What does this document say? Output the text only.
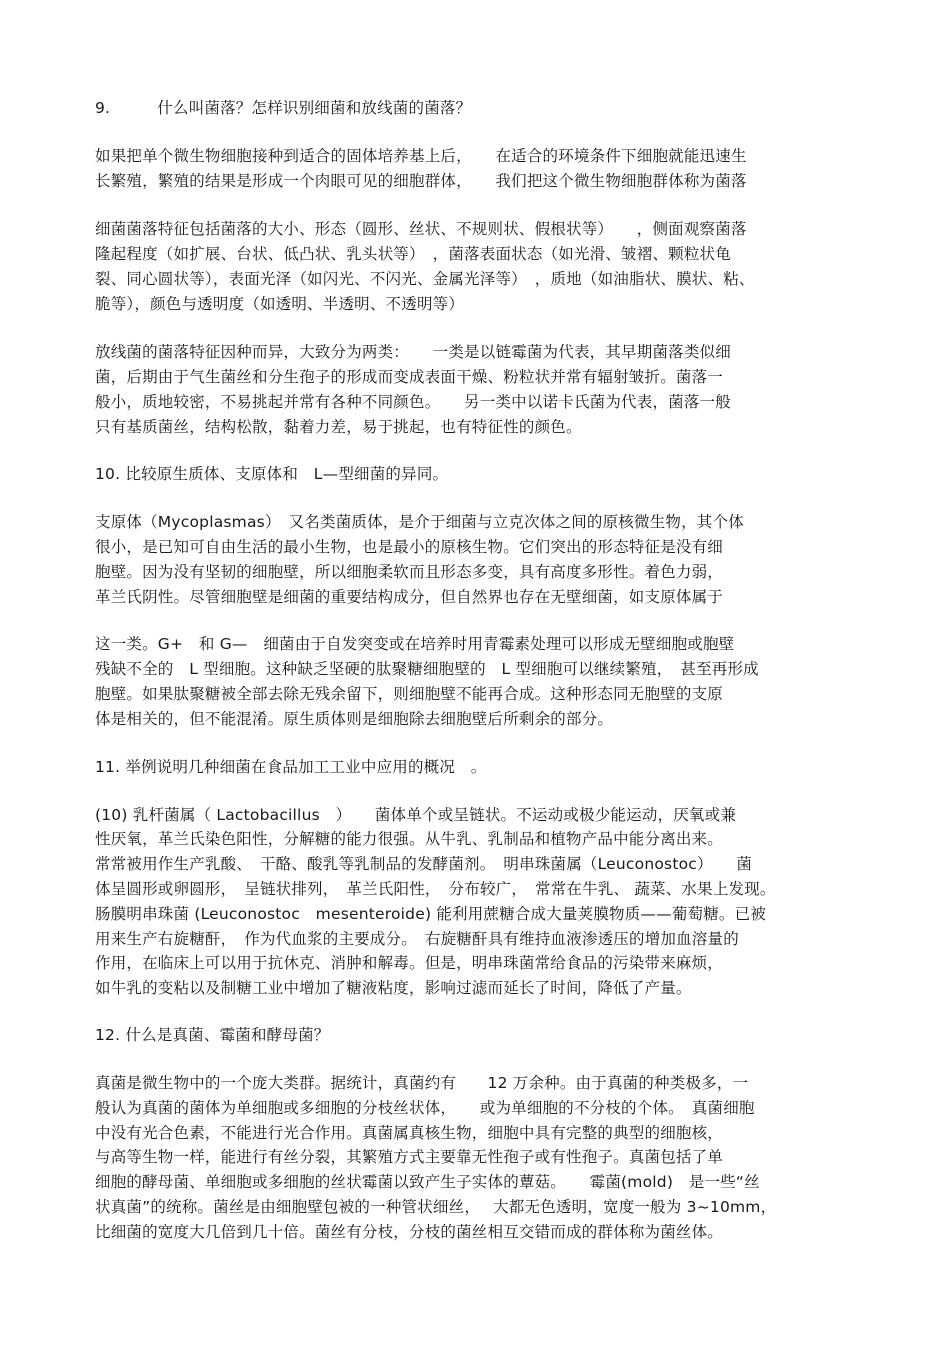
9.　　　什么叫菌落？怎样识别细菌和放线菌的菌落？
如果把单个微生物细胞接种到适合的固体培养基上后，　　在适合的环境条件下细胞就能迅速生
长繁殖，繁殖的结果是形成一个肉眼可见的细胞群体，　　我们把这个微生物细胞群体称为菌落
细菌菌落特征包括菌落的大小、形态（圆形、丝状、不规则状、假根状等）　　，侧面观察菌落
隆起程度（如扩展、台状、低凸状、乳头状等）　，菌落表面状态（如光滑、皱褶、颗粒状龟
裂、同心圆状等），表面光泽（如闪光、不闪光、金属光泽等）　，质地（如油脂状、膜状、粘、
脆等），颜色与透明度（如透明、半透明、不透明等）
放线菌的菌落特征因种而异，大致分为两类：　　一类是以链霉菌为代表，其早期菌落类似细
菌，后期由于气生菌丝和分生孢子的形成而变成表面干燥、粉粒状并常有辐射皱折。菌落一
般小，质地较密，不易挑起并常有各种不同颜色。　　另一类中以诺卡氏菌为代表，菌落一般
只有基质菌丝，结构松散，黏着力差，易于挑起，也有特征性的颜色。
10. 比较原生质体、支原体和　L—型细菌的异同。
支原体（Mycoplasmas）　又名类菌质体，是介于细菌与立克次体之间的原核微生物，其个体
很小，是已知可自由生活的最小生物，也是最小的原核生物。它们突出的形态特征是没有细
胞壁。因为没有坚韧的细胞壁，所以细胞柔软而且形态多变，具有高度多形性。着色力弱，
革兰氏阴性。尽管细胞壁是细菌的重要结构成分，但自然界也存在无壁细菌，如支原体属于
这一类。G+　和 G—　细菌由于自发突变或在培养时用青霉素处理可以形成无壁细胞或胞壁
残缺不全的　L 型细胞。这种缺乏坚硬的肽聚糖细胞壁的　L 型细胞可以继续繁殖，　甚至再形成
胞壁。如果肽聚糖被全部去除无残余留下，则细胞壁不能再合成。这种形态同无胞壁的支原
体是相关的，但不能混淆。原生质体则是细胞除去细胞壁后所剩余的部分。
11. 举例说明几种细菌在食品加工工业中应用的概况　。
(10) 乳杆菌属（ Lactobacillus　）　　菌体单个或呈链状。不运动或极少能运动，厌氧或兼
性厌氧，革兰氏染色阳性，分解糖的能力很强。从牛乳、乳制品和植物产品中能分离出来。
常常被用作生产乳酸、　干酪、酸乳等乳制品的发酵菌剂。　明串珠菌属（Leuconostoc）　　菌
体呈圆形或卵圆形，　呈链状排列，　革兰氏阳性，　分布较广，　常常在牛乳、 蔬菜、水果上发现。
肠膜明串珠菌 (Leuconostoc　mesenteroide) 能利用蔗糖合成大量荚膜物质——葡萄糖。已被
用来生产右旋糖酐，　作为代血浆的主要成分。　右旋糖酐具有维持血液渗透压的增加血溶量的
作用，在临床上可以用于抗休克、消肿和解毒。但是，明串珠菌常给食品的污染带来麻烦，
如牛乳的变粘以及制糖工业中增加了糖液粘度，影响过滤而延长了时间，降低了产量。
12. 什么是真菌、霉菌和酵母菌？
真菌是微生物中的一个庞大类群。据统计，真菌约有　　12 万余种。由于真菌的种类极多，一
般认为真菌的菌体为单细胞或多细胞的分枝丝状体，　　或为单细胞的不分枝的个体。　真菌细胞
中没有光合色素，不能进行光合作用。真菌属真核生物，细胞中具有完整的典型的细胞核，
与高等生物一样，能进行有丝分裂，其繁殖方式主要靠无性孢子或有性孢子。真菌包括了单
细胞的酵母菌、单细胞或多细胞的丝状霉菌以致产生子实体的蕈菇。　　霉菌(mold)　是一些“丝
状真菌”的统称。菌丝是由细胞壁包被的一种管状细丝，　 大都无色透明，宽度一般为 3~10mm，
比细菌的宽度大几倍到几十倍。菌丝有分枝，分枝的菌丝相互交错而成的群体称为菌丝体。
